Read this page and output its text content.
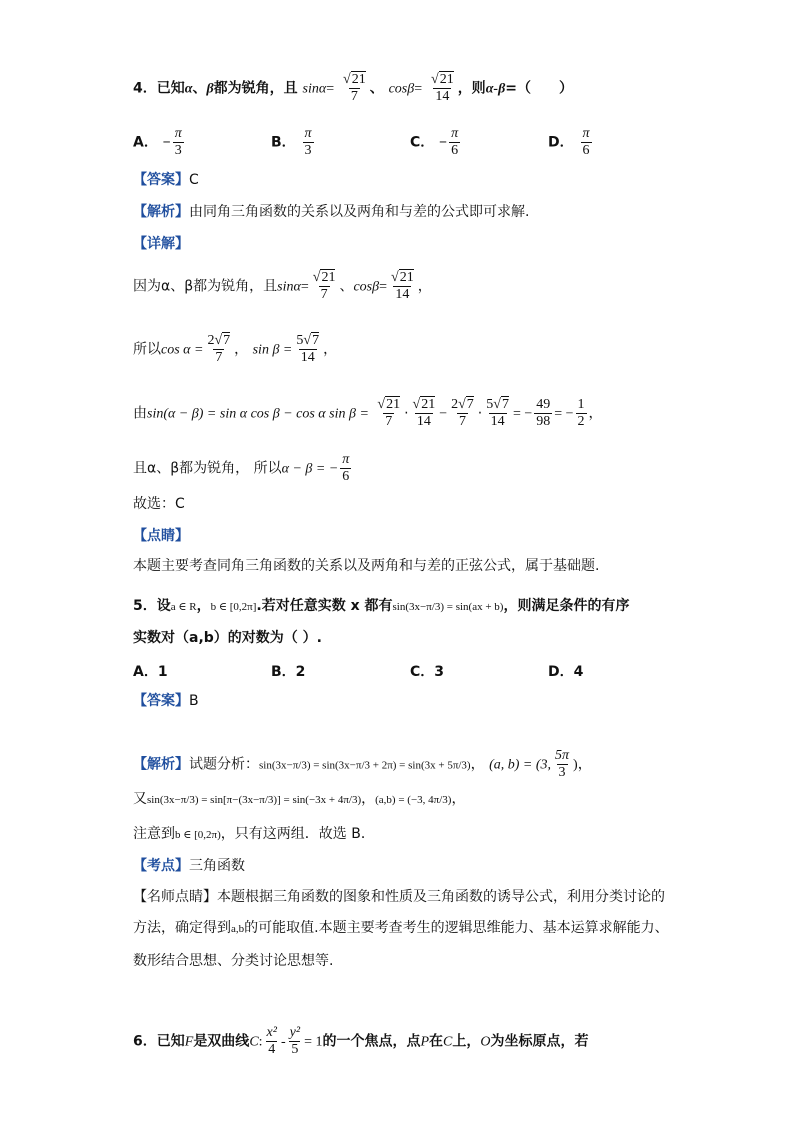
4．已知α、β都为锐角，且 $\sin\alpha= \frac{√21}{7}$ 、 $\cos\beta= \frac{√21}{14}$ ，则α-β=（　　）
A． − $\frac{\pi}{3}$	B． $\frac{\pi}{3}$	C． − $\frac{\pi}{6}$	D． $\frac{\pi}{6}$
【答案】C
【解析】由同角三角函数的关系以及两角和与差的公式即可求解.
【详解】
因为α、β都为锐角，且$\sin\alpha= \frac{√21}{7}$ 、$\cos\beta= \frac{√21}{14}$ ，
所以$\cos \alpha = \frac{2√7}{7}$ ， $\sin \beta = \frac{5√7}{14}$ ，
由sin(α − β) = sin α cos β − cos α $\sin \beta = \frac{√21}{7} \cdot \frac{√21}{14} - \frac{2√7}{7} \cdot \frac{5√7}{14}$ = − $\frac{49}{98}$ = − $\frac{1}{2}$ ，
且α、β都为锐角， 所以α − β = − $\frac{\pi}{6}$
故选：C
【点睛】
本题主要考查同角三角函数的关系以及两角和与差的正弦公式，属于基础题.
5．设a ∈ R，b ∈ [0,2π].若对任意实数 x 都有sin(3x−π/3) = sin(ax + b)，则满足条件的有序
实数对（a,b）的对数为（ ）.
A．1	B．2	C．3	D．4
【答案】B
【解析】试题分析：sin(3x−π/3) = sin(3x−π/3 + 2π) = sin(3x + 5π/3)， (a, b) = (3, $\frac{5\pi}{3}$ )，
又sin(3x−π/3) = sin[π−(3x−π/3)] = sin(−3x + 4π/3)，(a,b) = (−3, 4π/3)，
注意到b ∈ [0,2π)，只有这两组．故选 B．
【考点】三角函数
【名师点睛】本题根据三角函数的图象和性质及三角函数的诱导公式，利用分类讨论的
方法，确定得到a,b的可能取值.本题主要考查考生的逻辑思维能力、基本运算求解能力、
数形结合思想、分类讨论思想等.
6．已知F是双曲线C: $\frac{\text{x²}}{4} - \frac{\text{y²}}{5} = 1$的一个焦点，点P在C上，O为坐标原点，若
